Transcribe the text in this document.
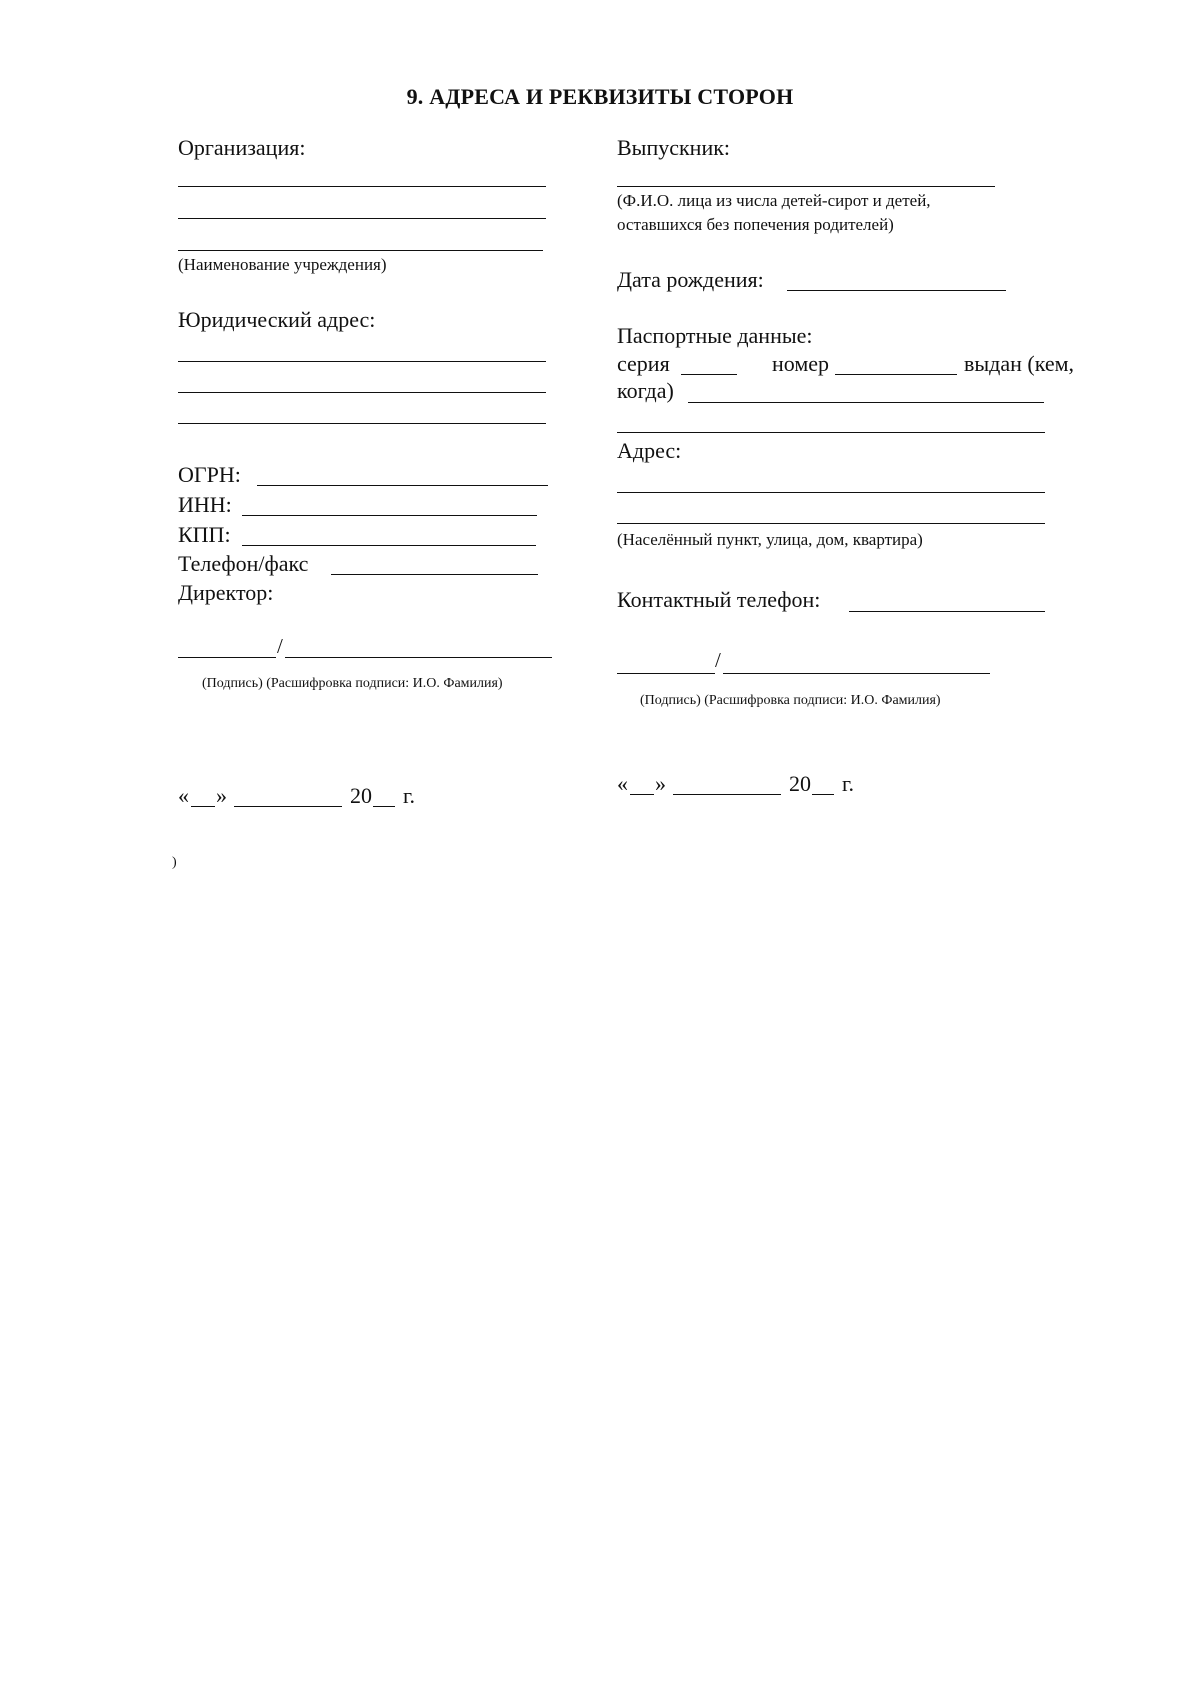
9. АДРЕСА И РЕКВИЗИТЫ СТОРОН
Организация:
(Наименование учреждения)
Юридический адрес:
ОГРН:
ИНН:
КПП:
Телефон/факс
Директор:
/
(Подпись) (Расшифровка подписи: И.О. Фамилия)
« »	20 г.
Выпускник:
(Ф.И.О. лица из числа детей-сирот и детей,
оставшихся без попечения родителей)
Дата рождения:
Паспортные данные:
серия	номер	выдан (кем,
когда)
Адрес:
(Населённый пункт, улица, дом, квартира)
Контактный телефон:
/
(Подпись) (Расшифровка подписи: И.О. Фамилия)
« »	20 г.
)
